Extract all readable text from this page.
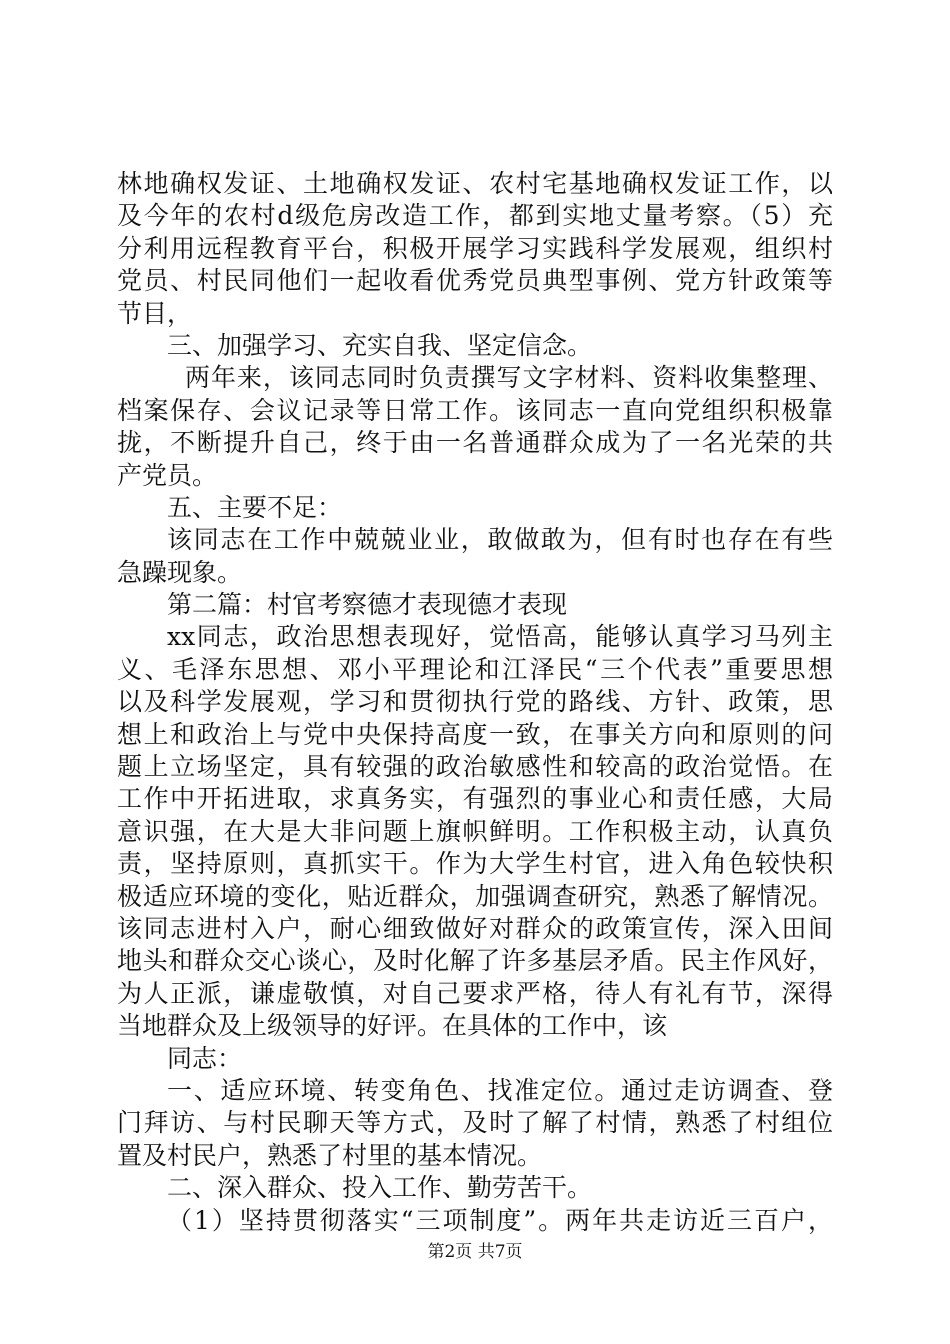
林地确权发证、土地确权发证、农村宅基地确权发证工作，以
及今年的农村d级危房改造工作，都到实地丈量考察。（5）充
分利用远程教育平台，积极开展学习实践科学发展观，组织村
党员、村民同他们一起收看优秀党员典型事例、党方针政策等
节目，
三、加强学习、充实自我、坚定信念。
两年来，该同志同时负责撰写文字材料、资料收集整理、
档案保存、会议记录等日常工作。该同志一直向党组织积极靠
拢，不断提升自己，终于由一名普通群众成为了一名光荣的共
产党员。
五、主要不足：
该同志在工作中兢兢业业，敢做敢为，但有时也存在有些
急躁现象。
第二篇：村官考察德才表现德才表现
xx同志，政治思想表现好，觉悟高，能够认真学习马列主
义、毛泽东思想、邓小平理论和江泽民“三个代表”重要思想
以及科学发展观，学习和贯彻执行党的路线、方针、政策，思
想上和政治上与党中央保持高度一致，在事关方向和原则的问
题上立场坚定，具有较强的政治敏感性和较高的政治觉悟。在
工作中开拓进取，求真务实，有强烈的事业心和责任感，大局
意识强，在大是大非问题上旗帜鲜明。工作积极主动，认真负
责，坚持原则，真抓实干。作为大学生村官，进入角色较快积
极适应环境的变化，贴近群众，加强调查研究，熟悉了解情况。
该同志进村入户，耐心细致做好对群众的政策宣传，深入田间
地头和群众交心谈心，及时化解了许多基层矛盾。民主作风好，
为人正派，谦虚敬慎，对自己要求严格，待人有礼有节，深得
当地群众及上级领导的好评。在具体的工作中，该
同志：
一、适应环境、转变角色、找准定位。通过走访调查、登
门拜访、与村民聊天等方式，及时了解了村情，熟悉了村组位
置及村民户，熟悉了村里的基本情况。
二、深入群众、投入工作、勤劳苦干。
（1）坚持贯彻落实“三项制度”。两年共走访近三百户，
第2页 共7页
